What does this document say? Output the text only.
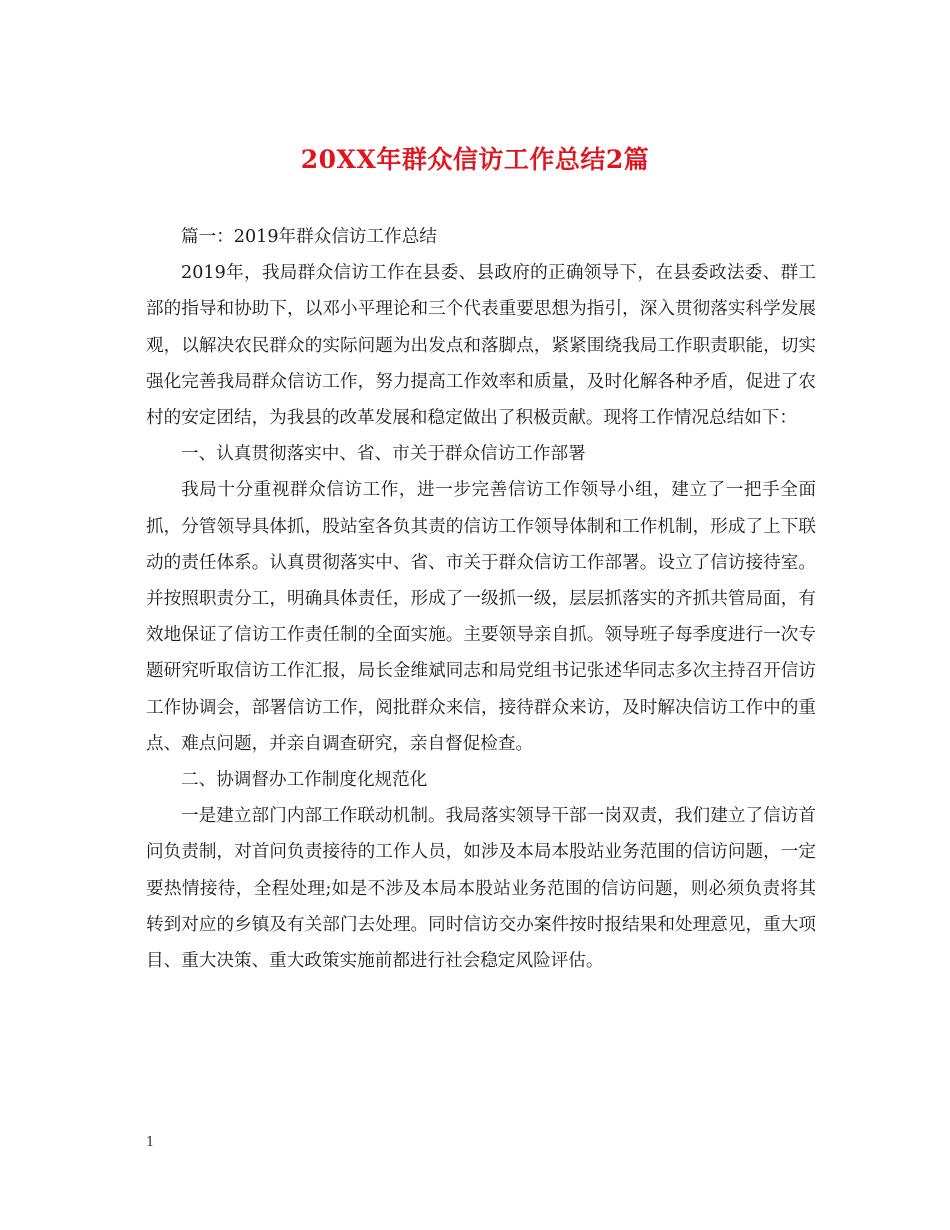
20XX年群众信访工作总结2篇

篇一：2019年群众信访工作总结

2019年，我局群众信访工作在县委、县政府的正确领导下，在县委政法委、群工部的指导和协助下，以邓小平理论和三个代表重要思想为指引，深入贯彻落实科学发展观，以解决农民群众的实际问题为出发点和落脚点，紧紧围绕我局工作职责职能，切实强化完善我局群众信访工作，努力提高工作效率和质量，及时化解各种矛盾，促进了农村的安定团结，为我县的改革发展和稳定做出了积极贡献。现将工作情况总结如下：

一、认真贯彻落实中、省、市关于群众信访工作部署

我局十分重视群众信访工作，进一步完善信访工作领导小组，建立了一把手全面抓，分管领导具体抓，股站室各负其责的信访工作领导体制和工作机制，形成了上下联动的责任体系。认真贯彻落实中、省、市关于群众信访工作部署。设立了信访接待室。并按照职责分工，明确具体责任，形成了一级抓一级，层层抓落实的齐抓共管局面，有效地保证了信访工作责任制的全面实施。主要领导亲自抓。领导班子每季度进行一次专题研究听取信访工作汇报，局长金维斌同志和局党组书记张述华同志多次主持召开信访工作协调会，部署信访工作，阅批群众来信，接待群众来访，及时解决信访工作中的重点、难点问题，并亲自调查研究，亲自督促检查。

二、协调督办工作制度化规范化

一是建立部门内部工作联动机制。我局落实领导干部一岗双责，我们建立了信访首问负责制，对首问负责接待的工作人员，如涉及本局本股站业务范围的信访问题，一定要热情接待，全程处理;如是不涉及本局本股站业务范围的信访问题，则必须负责将其转到对应的乡镇及有关部门去处理。同时信访交办案件按时报结果和处理意见，重大项目、重大决策、重大政策实施前都进行社会稳定风险评估。

1
